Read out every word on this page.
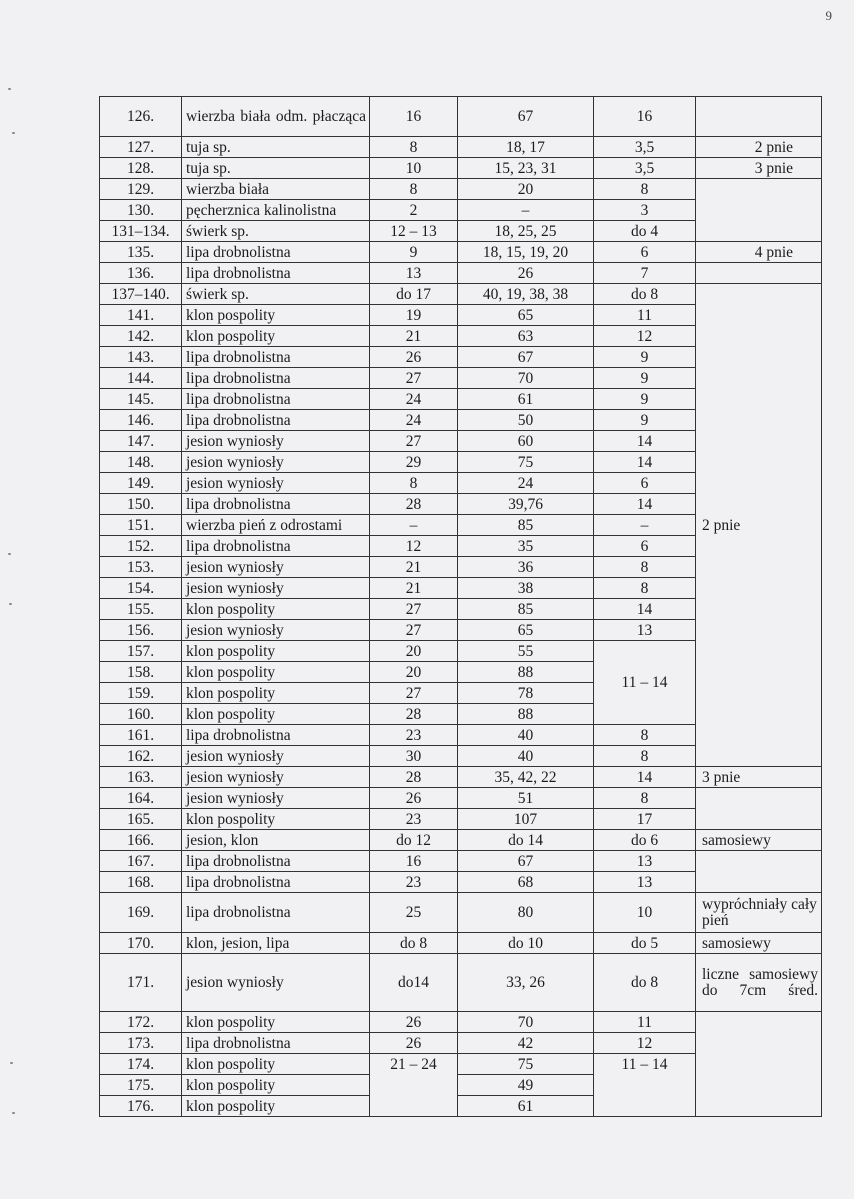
9
126.	wierzba biała odm. płacząca	16	67	16	
127.	tuja sp.	8	18, 17	3,5	2 pnie
128.	tuja sp.	10	15, 23, 31	3,5	3 pnie
129.	wierzba biała	8	20	8	
130.	pęcherznica kalinolistna	2	–	3	
131–134.	świerk sp.	12 – 13	18, 25, 25	do 4	
135.	lipa drobnolistna	9	18, 15, 19, 20	6	4 pnie
136.	lipa drobnolistna	13	26	7	
137–140.	świerk sp.	do 17	40, 19, 38, 38	do 8	2 pnie
141.	klon pospolity	19	65	11	
142.	klon pospolity	21	63	12	
143.	lipa drobnolistna	26	67	9	
144.	lipa drobnolistna	27	70	9	
145.	lipa drobnolistna	24	61	9	
146.	lipa drobnolistna	24	50	9	
147.	jesion wyniosły	27	60	14	
148.	jesion wyniosły	29	75	14	
149.	jesion wyniosły	8	24	6	
150.	lipa drobnolistna	28	39,76	14	
151.	wierzba pień z odrostami	–	85	–	
152.	lipa drobnolistna	12	35	6	
153.	jesion wyniosły	21	36	8	
154.	jesion wyniosły	21	38	8	
155.	klon pospolity	27	85	14	
156.	jesion wyniosły	27	65	13	
157.	klon pospolity	20	55	11 – 14	
158.	klon pospolity	20	88		
159.	klon pospolity	27	78		
160.	klon pospolity	28	88		
161.	lipa drobnolistna	23	40	8	
162.	jesion wyniosły	30	40	8	
163.	jesion wyniosły	28	35, 42, 22	14	3 pnie
164.	jesion wyniosły	26	51	8	
165.	klon pospolity	23	107	17	
166.	jesion, klon	do 12	do 14	do 6	samosiewy
167.	lipa drobnolistna	16	67	13	
168.	lipa drobnolistna	23	68	13	
169.	lipa drobnolistna	25	80	10	wypróchniały cały pień
170.	klon, jesion, lipa	do 8	do 10	do 5	samosiewy
171.	jesion wyniosły	do14	33, 26	do 8	liczne samosiewy do 7cm śred.
172.	klon pospolity	26	70	11	
173.	lipa drobnolistna	26	42	12	
174.	klon pospolity	21 – 24	75	11 – 14	
175.	klon pospolity		49		
176.	klon pospolity		61		
